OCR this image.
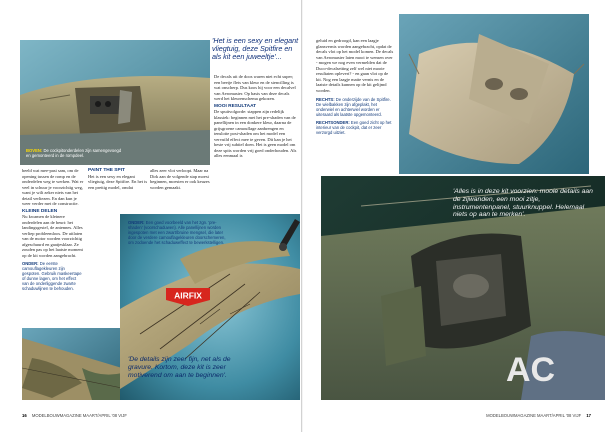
BOVEN: De cockpitonderdelen zijn samengevoegd en gemonteerd in de rompdeel.
'Het is een sexy en elegant vliegtuig, deze Spitfire en als kit een juweeltje'...
De decals uit de doos waren niet echt super; een beetje flets van kleur en de stencilling is wat onscherp. Dus koos hij voor een decalvel van Aeromaster. Op basis van deze decals werd het kleurenschema gekozen.
MOOI RESULTAAT
De spuitvolgorde: stappen zijn redelijk klassiek: beginnen met het pre-shaden van de panellijnen in een donkere kleur, daarna de grijsgroene camouflage aanbrengen en tenslotte post-shaden om het model een vervuild effect mee te geven. Dit kan je het beste vrij subtiel doen. Het is geen model om deze spits worden vrij goed onderhouden. Als alles eenmaal is
beeld wat mee-pasi sam, om de opening tussen de romp en de onderdelen weg te werken. Wat er veel in schuur je voorzichtig weg, want je wilt zeker niets van het detail verliezen. En dan kun je weer verder met de constructie.
KLEINE DELEN
Nu kwamen de kleinere onderdelen aan de beurt: het landingsgestel, de antennes. Alles verliep probleemloos. De uitlaten van de motor worden voorzichtig afgeschuurd en gaatjesklaar. Ze zouden pas op het laatste moment op de kit worden aangebracht.
ONDER: De eerste camouflagekleuren zijn gespoten. Gebruik maskeertape of dunne lagen, om het effect van de onderliggende zwarte schaduwlijnen te behouden.
PAINT THE SPIT
Het is een sexy en elegant vliegtuig, deze Spitfire. En het is een prettig model, omdat
alles zeer vlot verloopt. Maar na Dirk aan de volgende stap moest beginnen, moesten er ook keuzes worden gemaakt.
ONDER: Een goed voorbeeld van het zgn. 'pre-shaden' (voorschaduwen). Alle panellijnen worden ingespoten met een zwart/bruine mengsel, die later door de verdere camouflagekleuren doorschemeren, om zodoende het schaduweffect te bewerkstelligen.
AIRFIX
'De details zijn zeer fijn, net als de gravure. Kortom, deze kit is zeer motiverend om aan te beginnen'.
16 MODELBOUWMAGAZINE MAART/APRIL '08 VIJF
geluid en gedroogd, kan een laagje glansvernis worden aangebracht, opdat de decals vlot op het model komen. De decals van Aeromaster laten mooi te wensen over - mogen we nog even vermelden dat de Duco-decalsetting zelf wel niet mooie resultaten oplevert? - en gaan vlot op de kit. Nog een laagje matte vernis en de laatste details kunnen op de kit gelijmd worden.
RECHTS: De onderzijde van de Spitfire. De wielbakken zijn afgeplakt, het onderwiel en achterwiel worden er uiteraard als laatste opgemonteerd.
RECHTSONDER: Een goed zicht op het interieur van de cockpit, dat er zeer verzorgd uitziet.
AC
'Alles is in deze kit voorzien: mooie details aan de zijwanden, een mooi zitje, instrumentenpanel, stuurknuppel. Helemaal niets op aan te merken'.
MODELBOUWMAGAZINE MAART/APRIL '08 VIJF 17
